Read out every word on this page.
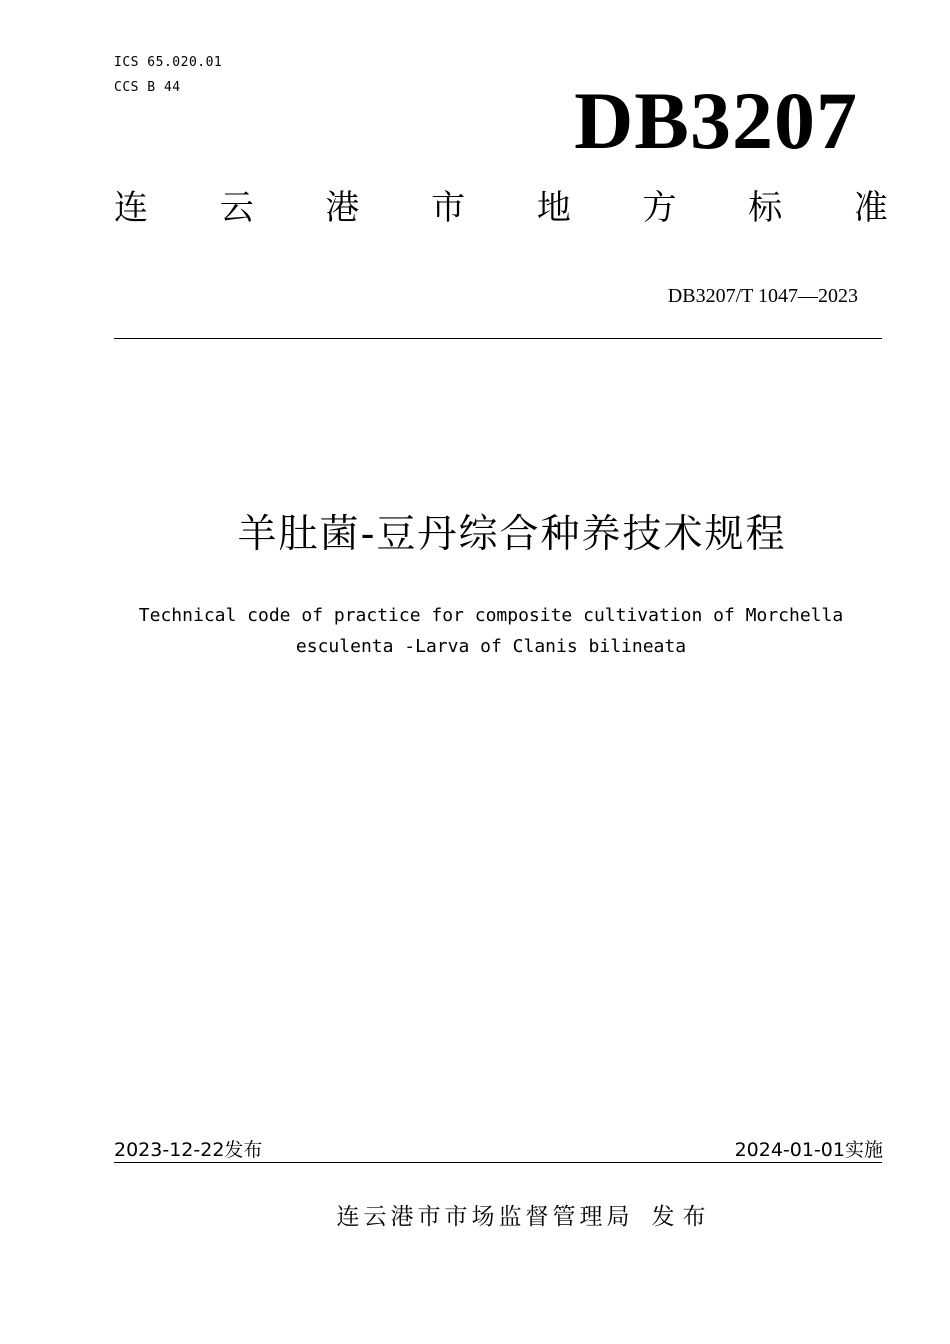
ICS 65.020.01
CCS B 44	DB3207
连 云 港 市 地 方 标 准
DB3207/T 1047—2023
羊肚菌-豆丹综合种养技术规程
Technical code of practice for composite cultivation of Morchella
esculenta -Larva of Clanis bilineata
2023-12-22发布	2024-01-01实施
连云港市市场监督管理局 发布
